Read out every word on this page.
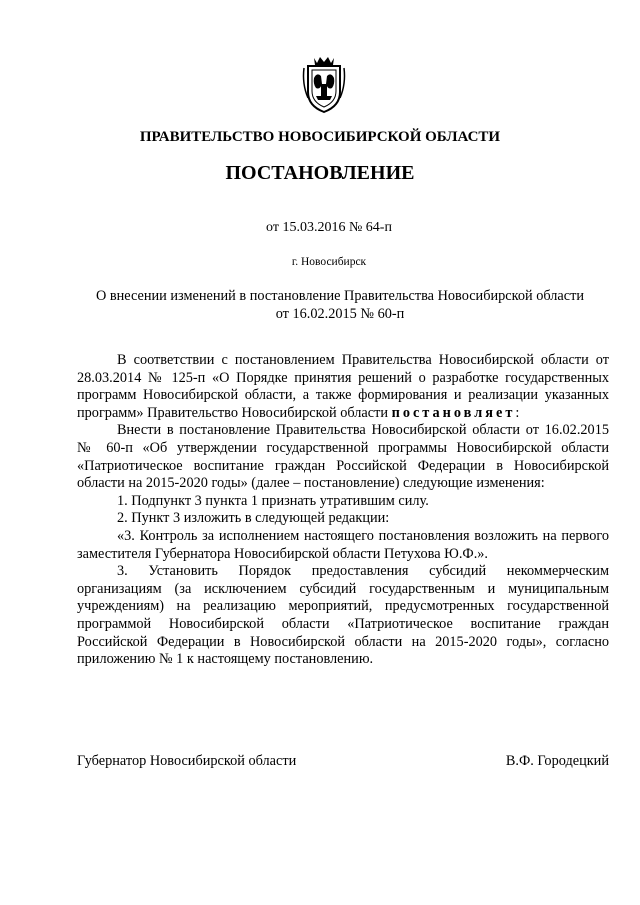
ПРАВИТЕЛЬСТВО НОВОСИБИРСКОЙ ОБЛАСТИ
ПОСТАНОВЛЕНИЕ
от 15.03.2016 № 64-п
г. Новосибирск
О внесении изменений в постановление Правительства Новосибирской области
от 16.02.2015 № 60-п

В соответствии с постановлением Правительства Новосибирской области от 28.03.2014 № 125-п «О Порядке принятия решений о разработке государственных программ Новосибирской области, а также формирования и реализации указанных программ» Правительство Новосибирской области постановляет:

Внести в постановление Правительства Новосибирской области от 16.02.2015 № 60-п «Об утверждении государственной программы Новосибирской области «Патриотическое воспитание граждан Российской Федерации в Новосибирской области на 2015-2020 годы» (далее – постановление) следующие изменения:

1. Подпункт 3 пункта 1 признать утратившим силу.

2. Пункт 3 изложить в следующей редакции:

«3. Контроль за исполнением настоящего постановления возложить на первого заместителя Губернатора Новосибирской области Петухова Ю.Ф.».

3. Установить Порядок предоставления субсидий некоммерческим организациям (за исключением субсидий государственным и муниципальным учреждениям) на реализацию мероприятий, предусмотренных государственной программой Новосибирской области «Патриотическое воспитание граждан Российской Федерации в Новосибирской области на 2015-2020 годы», согласно приложению № 1 к настоящему постановлению.

Губернатор Новосибирской области	В.Ф. Городецкий
